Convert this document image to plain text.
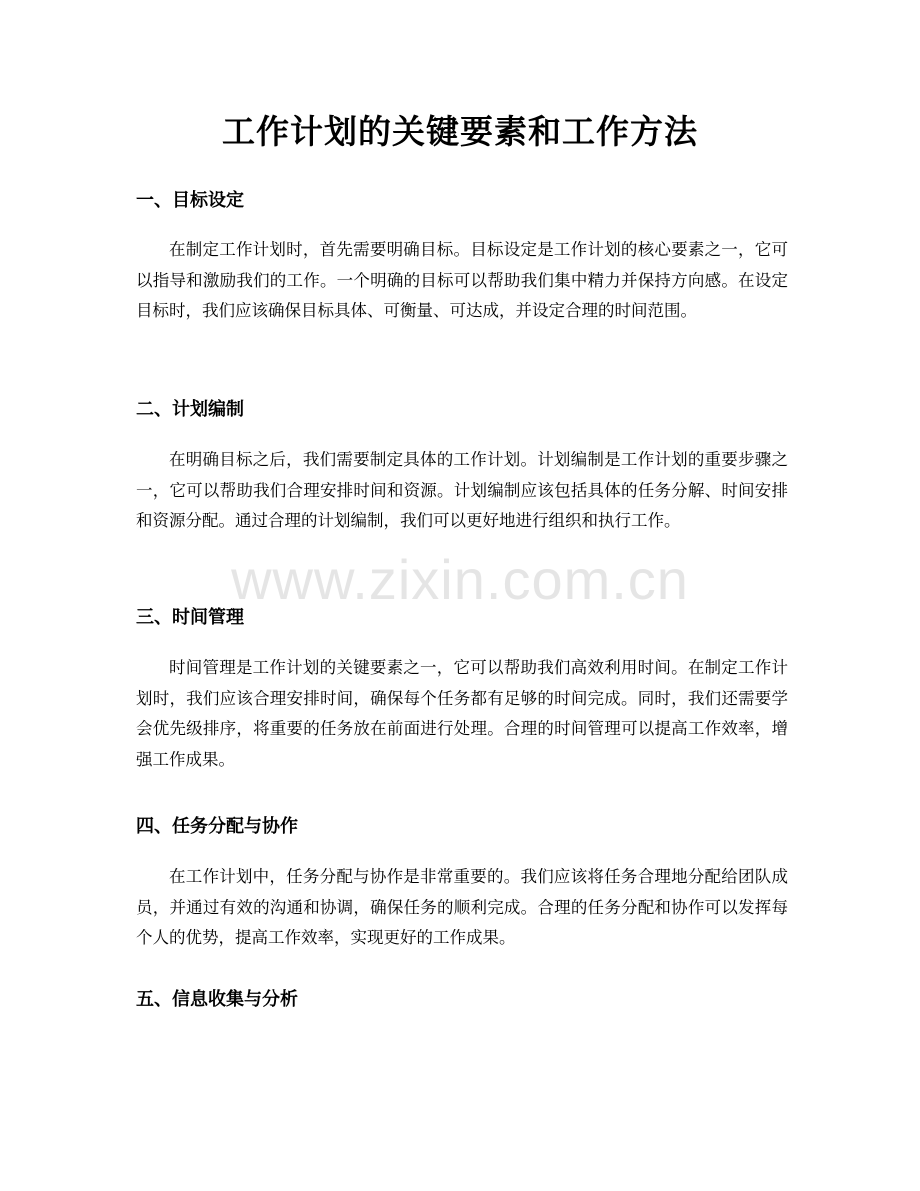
工作计划的关键要素和工作方法
一、目标设定

在制定工作计划时，首先需要明确目标。目标设定是工作计划的核心要素之一，它可以指导和激励我们的工作。一个明确的目标可以帮助我们集中精力并保持方向感。在设定目标时，我们应该确保目标具体、可衡量、可达成，并设定合理的时间范围。

二、计划编制

在明确目标之后，我们需要制定具体的工作计划。计划编制是工作计划的重要步骤之一，它可以帮助我们合理安排时间和资源。计划编制应该包括具体的任务分解、时间安排和资源分配。通过合理的计划编制，我们可以更好地进行组织和执行工作。

三、时间管理

时间管理是工作计划的关键要素之一，它可以帮助我们高效利用时间。在制定工作计划时，我们应该合理安排时间，确保每个任务都有足够的时间完成。同时，我们还需要学会优先级排序，将重要的任务放在前面进行处理。合理的时间管理可以提高工作效率，增强工作成果。

四、任务分配与协作

在工作计划中，任务分配与协作是非常重要的。我们应该将任务合理地分配给团队成员，并通过有效的沟通和协调，确保任务的顺利完成。合理的任务分配和协作可以发挥每个人的优势，提高工作效率，实现更好的工作成果。

五、信息收集与分析
www.zixin.com.cn
